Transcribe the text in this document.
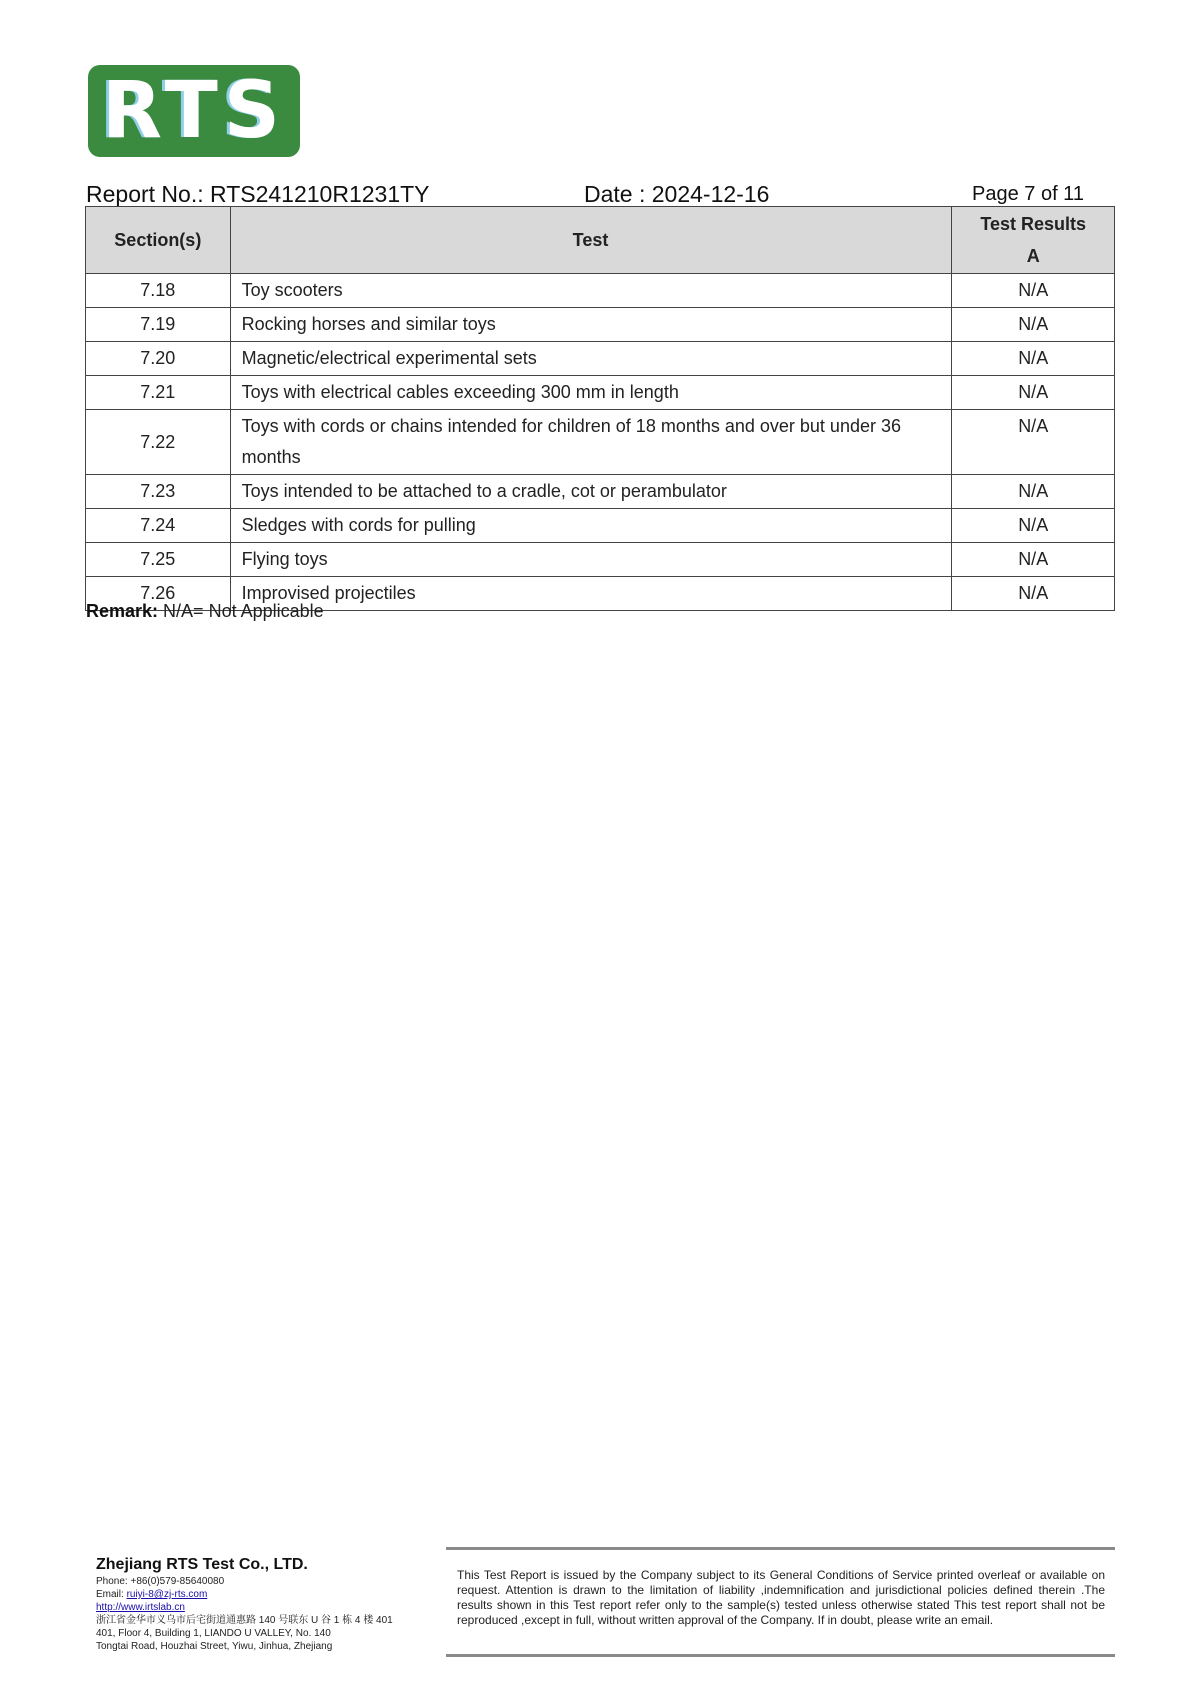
RTS
Report No.: RTS241210R1231TY	Date : 2024-12-16	Page 7 of 11
Section(s)	Test	Test Results
A

7.18	Toy scooters	N/A
7.19	Rocking horses and similar toys	N/A
7.20	Magnetic/electrical experimental sets	N/A
7.21	Toys with electrical cables exceeding 300 mm in length	N/A
7.22	Toys with cords or chains intended for children of 18 months and over but under 36 months	N/A
7.23	Toys intended to be attached to a cradle, cot or perambulator	N/A
7.24	Sledges with cords for pulling	N/A
7.25	Flying toys	N/A
7.26	Improvised projectiles	N/A
Remark: N/A= Not Applicable
Zhejiang RTS Test Co., LTD.
Phone: +86(0)579-85640080
Email: ruiyi-8@zj-rts.com
http://www.irtslab.cn
浙江省金华市义乌市后宅街道通惠路 140 号联东 U 谷 1 栋 4 楼 401
401, Floor 4, Building 1, LIANDO U VALLEY, No. 140
Tongtai Road, Houzhai Street, Yiwu, Jinhua, Zhejiang
This Test Report is issued by the Company subject to its General Conditions of Service printed overleaf or available on request. Attention is drawn to the limitation of liability ,indemnification and jurisdictional policies defined therein .The results shown in this Test report refer only to the sample(s) tested unless otherwise stated This test report shall not be reproduced ,except in full, without written approval of the Company. If in doubt, please write an email.
